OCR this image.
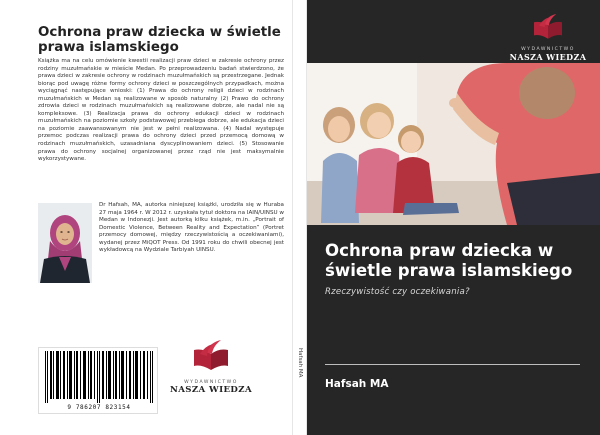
Ochrona praw dziecka w świetle prawa islamskiego
Książka ma na celu omówienie kwestii realizacji praw dzieci w zakresie ochrony przez rodziny muzułmańskie w mieście Medan. Po przeprowadzeniu badań stwierdzono, że prawa dzieci w zakresie ochrony w rodzinach muzułmańskich są przestrzegane. Jednak biorąc pod uwagę różne formy ochrony dzieci w poszczególnych przypadkach, można wyciągnąć następujące wnioski: (1) Prawa do ochrony religii dzieci w rodzinach muzułmańskich w Medan są realizowane w sposób naturalny (2) Prawo do ochrony zdrowia dzieci w rodzinach muzułmańskich są realizowane dobrze, ale nadal nie są kompleksowe. (3) Realizacja prawa do ochrony edukacji dzieci w rodzinach muzułmańskich na poziomie szkoły podstawowej przebiega dobrze, ale edukacja dzieci na poziomie zaawansowanym nie jest w pełni realizowana. (4) Nadal występuje przemoc podczas realizacji prawa do ochrony dzieci przed przemocą domową w rodzinach muzułmańskich, uzasadniana dyscyplinowaniem dzieci. (5) Stosowanie prawa do ochrony socjalnej organizowanej przez rząd nie jest maksymalnie wykorzystywane.
Dr Hafsah, MA, autorka niniejszej książki, urodziła się w Huraba 27 maja 1964 r. W 2012 r. uzyskała tytuł doktora na IAIN/UINSU w Medan w Indonezji. Jest autorką kilku książek, m.in. „Portrait of Domestic Violence, Between Reality and Expectation” (Portret przemocy domowej, między rzeczywistością a oczekiwaniami), wydanej przez MiQOT Press. Od 1991 roku do chwili obecnej jest wykładowcą na Wydziale Tarbiyah UINSU.
9 786207 823154
WYDAWNICTWO
NASZA WIEDZA
Hafsah MA
WYDAWNICTWO
NASZA WIEDZA
Ochrona praw dziecka w świetle prawa islamskiego
Rzeczywistość czy oczekiwania?
Hafsah MA
